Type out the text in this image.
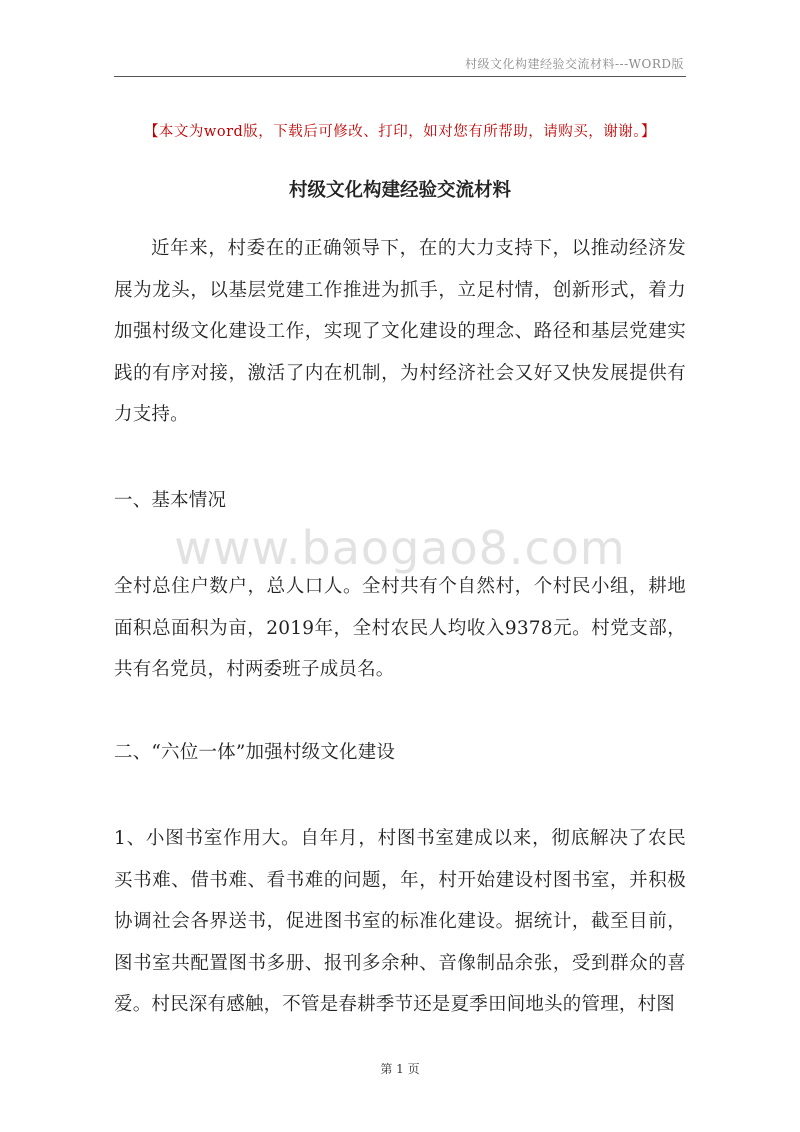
村级文化构建经验交流材料---WORD版
【本文为word版，下载后可修改、打印，如对您有所帮助，请购买，谢谢。】
村级文化构建经验交流材料

近年来，村委在的正确领导下，在的大力支持下，以推动经济发展为龙头，以基层党建工作推进为抓手，立足村情，创新形式，着力加强村级文化建设工作，实现了文化建设的理念、路径和基层党建实践的有序对接，激活了内在机制，为村经济社会又好又快发展提供有力支持。

一、基本情况

www.baogao8.com

全村总住户数户，总人口人。全村共有个自然村，个村民小组，耕地面积总面积为亩，2019年，全村农民人均收入9378元。村党支部，共有名党员，村两委班子成员名。

二、“六位一体”加强村级文化建设

1、小图书室作用大。自年月，村图书室建成以来，彻底解决了农民买书难、借书难、看书难的问题，年，村开始建设村图书室，并积极协调社会各界送书，促进图书室的标准化建设。据统计，截至目前，图书室共配置图书多册、报刊多余种、音像制品余张，受到群众的喜爱。村民深有感触，不管是春耕季节还是夏季田间地头的管理，村图

第 1 页
